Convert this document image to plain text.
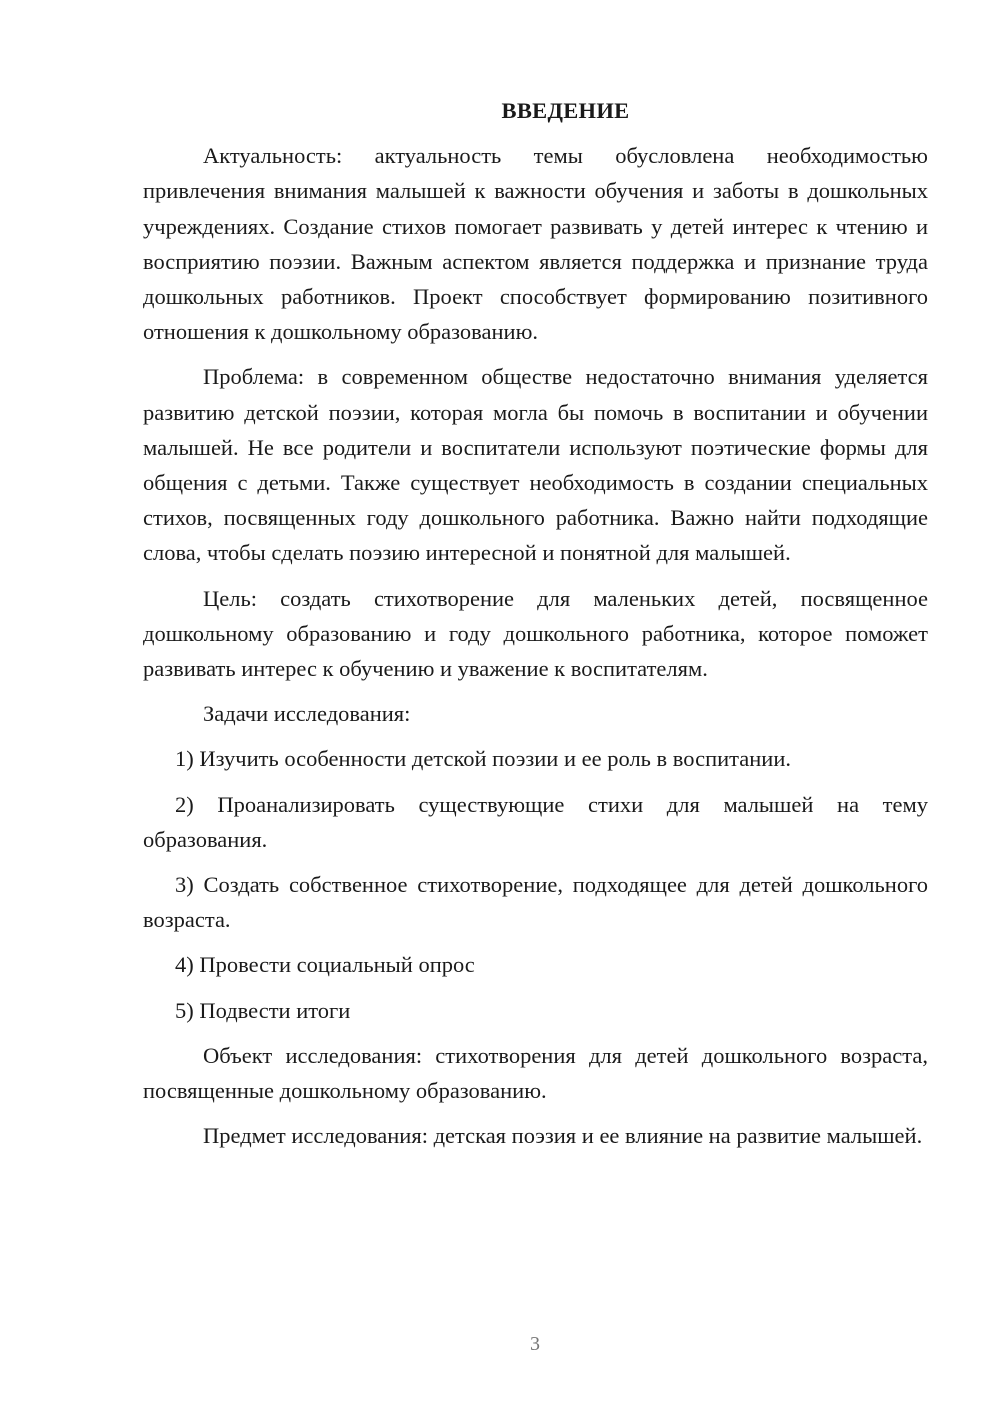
ВВЕДЕНИЕ

Актуальность: актуальность темы обусловлена необходимостью привлечения внимания малышей к важности обучения и заботы в дошкольных учреждениях. Создание стихов помогает развивать у детей интерес к чтению и восприятию поэзии. Важным аспектом является поддержка и признание труда дошкольных работников. Проект способствует формированию позитивного отношения к дошкольному образованию.

Проблема: в современном обществе недостаточно внимания уделяется развитию детской поэзии, которая могла бы помочь в воспитании и обучении малышей. Не все родители и воспитатели используют поэтические формы для общения с детьми. Также существует необходимость в создании специальных стихов, посвященных году дошкольного работника. Важно найти подходящие слова, чтобы сделать поэзию интересной и понятной для малышей.

Цель: создать стихотворение для маленьких детей, посвященное дошкольному образованию и году дошкольного работника, которое поможет развивать интерес к обучению и уважение к воспитателям.

Задачи исследования:

1) Изучить особенности детской поэзии и ее роль в воспитании.

2) Проанализировать существующие стихи для малышей на тему образования.

3) Создать собственное стихотворение, подходящее для детей дошкольного возраста.

4) Провести социальный опрос

5) Подвести итоги

Объект исследования: стихотворения для детей дошкольного возраста, посвященные дошкольному образованию.

Предмет исследования: детская поэзия и ее влияние на развитие малышей.

3
